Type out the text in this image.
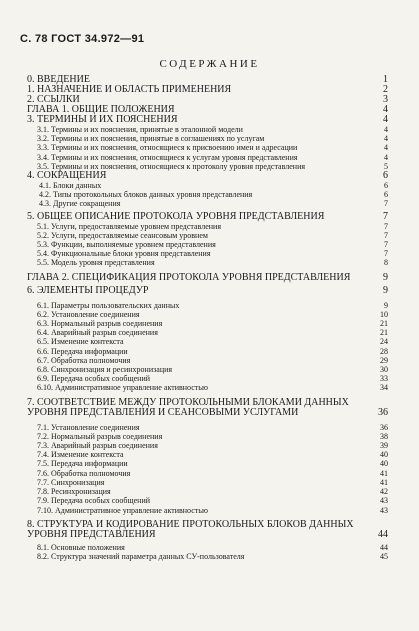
С. 78 ГОСТ 34.972—91
СОДЕРЖАНИЕ
0. ВВЕДЕНИЕ	1
1. НАЗНАЧЕНИЕ И ОБЛАСТЬ ПРИМЕНЕНИЯ	2
2. ССЫЛКИ	3
ГЛАВА 1. ОБЩИЕ ПОЛОЖЕНИЯ	4
3. ТЕРМИНЫ И ИХ ПОЯСНЕНИЯ	4
3.1. Термины и их пояснения, принятые в эталонной модели	4
3.2. Термины и их пояснения, принятые в соглашениях по услугам	4
3.3. Термины и их пояснения, относящиеся к присвоению имен и адресации	4
3.4. Термины и их пояснения, относящиеся к услугам уровня представления	4
3.5. Термины и их пояснения, относящиеся к протоколу уровня представления	5
4. СОКРАЩЕНИЯ	6
4.1. Блоки данных	6
4.2. Типы протокольных блоков данных уровня представления	6
4.3. Другие сокращения	7
5. ОБЩЕЕ ОПИСАНИЕ ПРОТОКОЛА УРОВНЯ ПРЕДСТАВЛЕНИЯ	7
5.1. Услуги, предоставляемые уровнем представления	7
5.2. Услуги, предоставляемые сеансовым уровнем	7
5.3. Функции, выполняемые уровнем представления	7
5.4. Функциональные блоки уровня представления	7
5.5. Модель уровня представления	8
ГЛАВА 2. СПЕЦИФИКАЦИЯ ПРОТОКОЛА УРОВНЯ ПРЕДСТАВЛЕНИЯ	9
6. ЭЛЕМЕНТЫ ПРОЦЕДУР	9
6.1. Параметры пользовательских данных	9
6.2. Установление соединения	10
6.3. Нормальный разрыв соединения	21
6.4. Аварийный разрыв соединения	21
6.5. Изменение контекста	24
6.6. Передача информации	28
6.7. Обработка полномочия	29
6.8. Синхронизация и ресинхронизация	30
6.9. Передача особых сообщений	33
6.10. Административное управление активностью	34
7. СООТВЕТСТВИЕ МЕЖДУ ПРОТОКОЛЬНЫМИ БЛОКАМИ ДАННЫХ УРОВНЯ ПРЕДСТАВЛЕНИЯ И СЕАНСОВЫМИ УСЛУГАМИ	36
7.1. Установление соединения	36
7.2. Нормальный разрыв соединения	38
7.3. Аварийный разрыв соединения	39
7.4. Изменение контекста	40
7.5. Передача информации	40
7.6. Обработка полномочия	41
7.7. Синхронизация	41
7.8. Ресинхронизация	42
7.9. Передача особых сообщений	43
7.10. Административное управление активностью	43
8. СТРУКТУРА И КОДИРОВАНИЕ ПРОТОКОЛЬНЫХ БЛОКОВ ДАННЫХ УРОВНЯ ПРЕДСТАВЛЕНИЯ	44
8.1. Основные положения	44
8.2. Структура значений параметра данных СУ-пользователя	45
